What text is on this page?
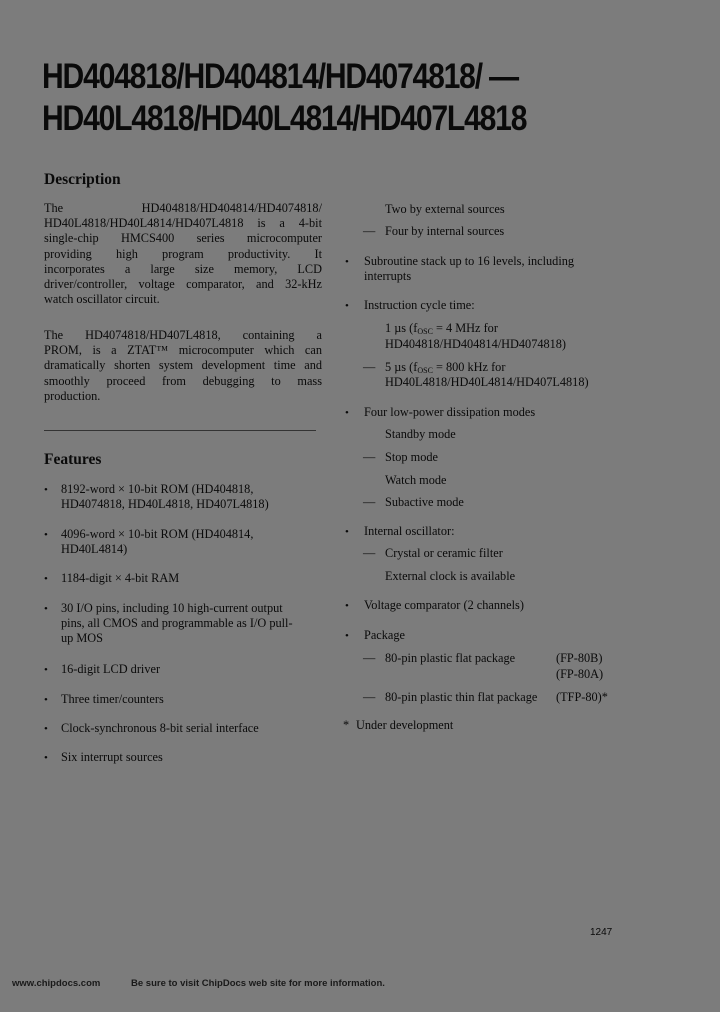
HD404818/HD404814/HD4074818/ —
HD40L4818/HD40L4814/HD407L4818
Description
The HD404818/HD404814/HD4074818/
HD40L4818/HD40L4814/HD407L4818 is a 4-bit
single-chip HMCS400 series microcomputer
providing high program productivity. It
incorporates a large size memory, LCD
driver/controller, voltage comparator, and 32-kHz
watch oscillator circuit.
The HD4074818/HD407L4818, containing a
PROM, is a ZTAT™ microcomputer which can
dramatically shorten system development time and
smoothly proceed from debugging to mass
production.
Features
• 8192-word × 10-bit ROM (HD404818,
HD4074818, HD40L4818, HD407L4818)
• 4096-word × 10-bit ROM (HD404814,
HD40L4814)
• 1184-digit × 4-bit RAM
• 30 I/O pins, including 10 high-current output
pins, all CMOS and programmable as I/O pull-
up MOS
• 16-digit LCD driver
• Three timer/counters
• Clock-synchronous 8-bit serial interface
• Six interrupt sources
Two by external sources
— Four by internal sources
• Subroutine stack up to 16 levels, including
interrupts
• Instruction cycle time:
1 µs ($f_{OSC} = 4$ MHz for
HD404818/HD404814/HD4074818)
— 5 µs ($f_{OSC} = 800$ kHz for
HD40L4818/HD40L4814/HD407L4818)
• Four low-power dissipation modes
Standby mode
— Stop mode
Watch mode
— Subactive mode
• Internal oscillator:
— Crystal or ceramic filter
External clock is available
• Voltage comparator (2 channels)
• Package
— 80-pin plastic flat package	(FP-80B)
(FP-80A)
— 80-pin plastic thin flat package (TFP-80)*
* Under development
1247
www.chipdocs.com	Be sure to visit ChipDocs web site for more information.
